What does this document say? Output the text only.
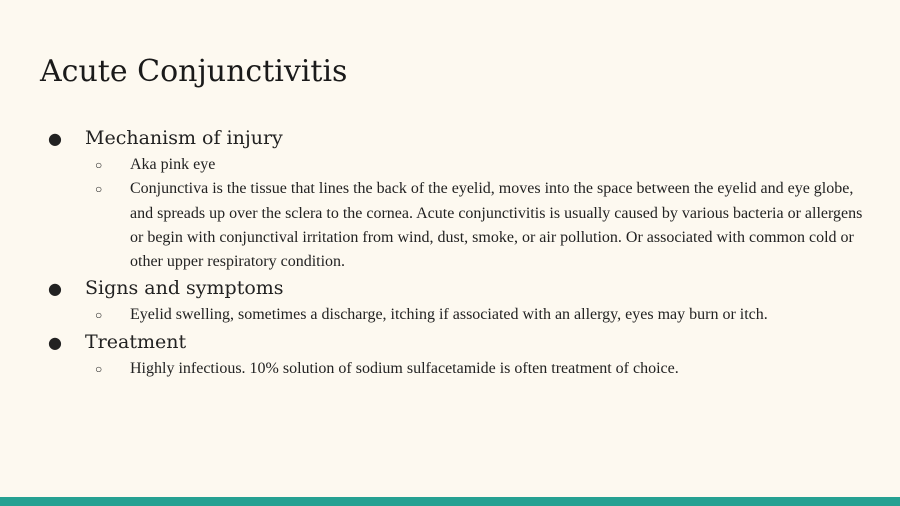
Acute Conjunctivitis
● Mechanism of injury
○ Aka pink eye
○ Conjunctiva is the tissue that lines the back of the eyelid, moves into the space between the eyelid and eye globe, and spreads up over the sclera to the cornea. Acute conjunctivitis is usually caused by various bacteria or allergens or begin with conjunctival irritation from wind, dust, smoke, or air pollution. Or associated with common cold or other upper respiratory condition.
● Signs and symptoms
○ Eyelid swelling, sometimes a discharge, itching if associated with an allergy, eyes may burn or itch.
● Treatment
○ Highly infectious. 10% solution of sodium sulfacetamide is often treatment of choice.
